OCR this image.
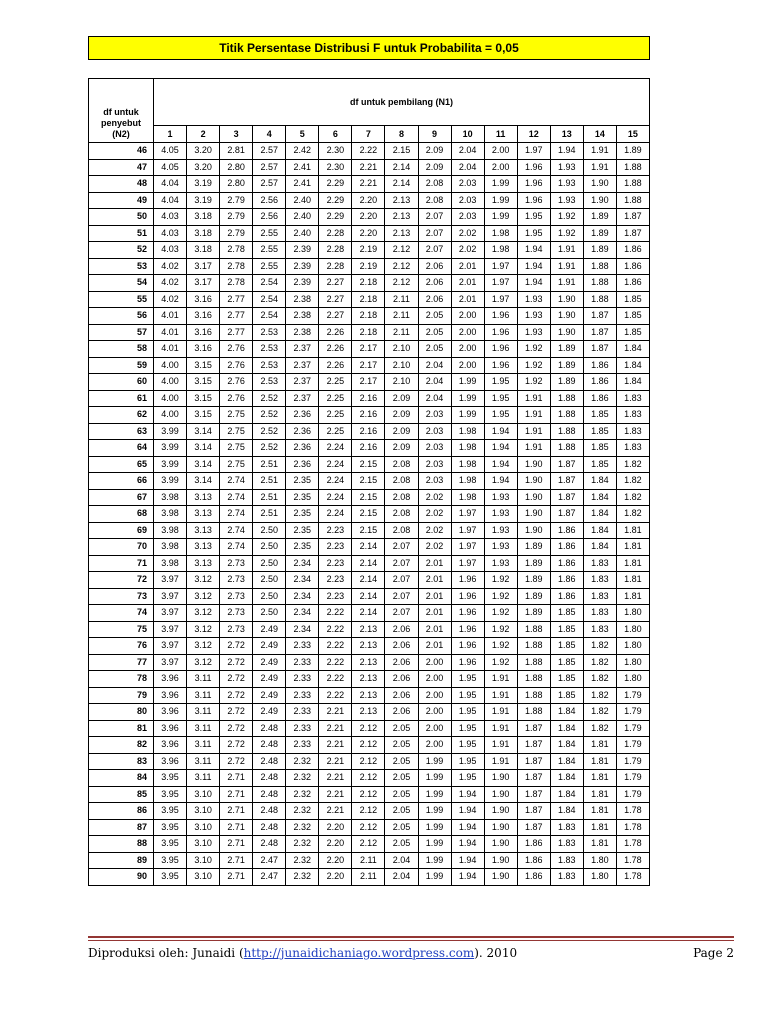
Titik Persentase Distribusi F untuk Probabilita = 0,05
df untuk
penyebut
(N2)	df untuk pembilang (N1)														
	1	2	3	4	5	6	7	8	9	10	11	12	13	14	15
46	4.05	3.20	2.81	2.57	2.42	2.30	2.22	2.15	2.09	2.04	2.00	1.97	1.94	1.91	1.89
47	4.05	3.20	2.80	2.57	2.41	2.30	2.21	2.14	2.09	2.04	2.00	1.96	1.93	1.91	1.88
48	4.04	3.19	2.80	2.57	2.41	2.29	2.21	2.14	2.08	2.03	1.99	1.96	1.93	1.90	1.88
49	4.04	3.19	2.79	2.56	2.40	2.29	2.20	2.13	2.08	2.03	1.99	1.96	1.93	1.90	1.88
50	4.03	3.18	2.79	2.56	2.40	2.29	2.20	2.13	2.07	2.03	1.99	1.95	1.92	1.89	1.87
51	4.03	3.18	2.79	2.55	2.40	2.28	2.20	2.13	2.07	2.02	1.98	1.95	1.92	1.89	1.87
52	4.03	3.18	2.78	2.55	2.39	2.28	2.19	2.12	2.07	2.02	1.98	1.94	1.91	1.89	1.86
53	4.02	3.17	2.78	2.55	2.39	2.28	2.19	2.12	2.06	2.01	1.97	1.94	1.91	1.88	1.86
54	4.02	3.17	2.78	2.54	2.39	2.27	2.18	2.12	2.06	2.01	1.97	1.94	1.91	1.88	1.86
55	4.02	3.16	2.77	2.54	2.38	2.27	2.18	2.11	2.06	2.01	1.97	1.93	1.90	1.88	1.85
56	4.01	3.16	2.77	2.54	2.38	2.27	2.18	2.11	2.05	2.00	1.96	1.93	1.90	1.87	1.85
57	4.01	3.16	2.77	2.53	2.38	2.26	2.18	2.11	2.05	2.00	1.96	1.93	1.90	1.87	1.85
58	4.01	3.16	2.76	2.53	2.37	2.26	2.17	2.10	2.05	2.00	1.96	1.92	1.89	1.87	1.84
59	4.00	3.15	2.76	2.53	2.37	2.26	2.17	2.10	2.04	2.00	1.96	1.92	1.89	1.86	1.84
60	4.00	3.15	2.76	2.53	2.37	2.25	2.17	2.10	2.04	1.99	1.95	1.92	1.89	1.86	1.84
61	4.00	3.15	2.76	2.52	2.37	2.25	2.16	2.09	2.04	1.99	1.95	1.91	1.88	1.86	1.83
62	4.00	3.15	2.75	2.52	2.36	2.25	2.16	2.09	2.03	1.99	1.95	1.91	1.88	1.85	1.83
63	3.99	3.14	2.75	2.52	2.36	2.25	2.16	2.09	2.03	1.98	1.94	1.91	1.88	1.85	1.83
64	3.99	3.14	2.75	2.52	2.36	2.24	2.16	2.09	2.03	1.98	1.94	1.91	1.88	1.85	1.83
65	3.99	3.14	2.75	2.51	2.36	2.24	2.15	2.08	2.03	1.98	1.94	1.90	1.87	1.85	1.82
66	3.99	3.14	2.74	2.51	2.35	2.24	2.15	2.08	2.03	1.98	1.94	1.90	1.87	1.84	1.82
67	3.98	3.13	2.74	2.51	2.35	2.24	2.15	2.08	2.02	1.98	1.93	1.90	1.87	1.84	1.82
68	3.98	3.13	2.74	2.51	2.35	2.24	2.15	2.08	2.02	1.97	1.93	1.90	1.87	1.84	1.82
69	3.98	3.13	2.74	2.50	2.35	2.23	2.15	2.08	2.02	1.97	1.93	1.90	1.86	1.84	1.81
70	3.98	3.13	2.74	2.50	2.35	2.23	2.14	2.07	2.02	1.97	1.93	1.89	1.86	1.84	1.81
71	3.98	3.13	2.73	2.50	2.34	2.23	2.14	2.07	2.01	1.97	1.93	1.89	1.86	1.83	1.81
72	3.97	3.12	2.73	2.50	2.34	2.23	2.14	2.07	2.01	1.96	1.92	1.89	1.86	1.83	1.81
73	3.97	3.12	2.73	2.50	2.34	2.23	2.14	2.07	2.01	1.96	1.92	1.89	1.86	1.83	1.81
74	3.97	3.12	2.73	2.50	2.34	2.22	2.14	2.07	2.01	1.96	1.92	1.89	1.85	1.83	1.80
75	3.97	3.12	2.73	2.49	2.34	2.22	2.13	2.06	2.01	1.96	1.92	1.88	1.85	1.83	1.80
76	3.97	3.12	2.72	2.49	2.33	2.22	2.13	2.06	2.01	1.96	1.92	1.88	1.85	1.82	1.80
77	3.97	3.12	2.72	2.49	2.33	2.22	2.13	2.06	2.00	1.96	1.92	1.88	1.85	1.82	1.80
78	3.96	3.11	2.72	2.49	2.33	2.22	2.13	2.06	2.00	1.95	1.91	1.88	1.85	1.82	1.80
79	3.96	3.11	2.72	2.49	2.33	2.22	2.13	2.06	2.00	1.95	1.91	1.88	1.85	1.82	1.79
80	3.96	3.11	2.72	2.49	2.33	2.21	2.13	2.06	2.00	1.95	1.91	1.88	1.84	1.82	1.79
81	3.96	3.11	2.72	2.48	2.33	2.21	2.12	2.05	2.00	1.95	1.91	1.87	1.84	1.82	1.79
82	3.96	3.11	2.72	2.48	2.33	2.21	2.12	2.05	2.00	1.95	1.91	1.87	1.84	1.81	1.79
83	3.96	3.11	2.72	2.48	2.32	2.21	2.12	2.05	1.99	1.95	1.91	1.87	1.84	1.81	1.79
84	3.95	3.11	2.71	2.48	2.32	2.21	2.12	2.05	1.99	1.95	1.90	1.87	1.84	1.81	1.79
85	3.95	3.10	2.71	2.48	2.32	2.21	2.12	2.05	1.99	1.94	1.90	1.87	1.84	1.81	1.79
86	3.95	3.10	2.71	2.48	2.32	2.21	2.12	2.05	1.99	1.94	1.90	1.87	1.84	1.81	1.78
87	3.95	3.10	2.71	2.48	2.32	2.20	2.12	2.05	1.99	1.94	1.90	1.87	1.83	1.81	1.78
88	3.95	3.10	2.71	2.48	2.32	2.20	2.12	2.05	1.99	1.94	1.90	1.86	1.83	1.81	1.78
89	3.95	3.10	2.71	2.47	2.32	2.20	2.11	2.04	1.99	1.94	1.90	1.86	1.83	1.80	1.78
90	3.95	3.10	2.71	2.47	2.32	2.20	2.11	2.04	1.99	1.94	1.90	1.86	1.83	1.80	1.78
Diproduksi oleh: Junaidi (http://junaidichaniago.wordpress.com). 2010	Page 2
